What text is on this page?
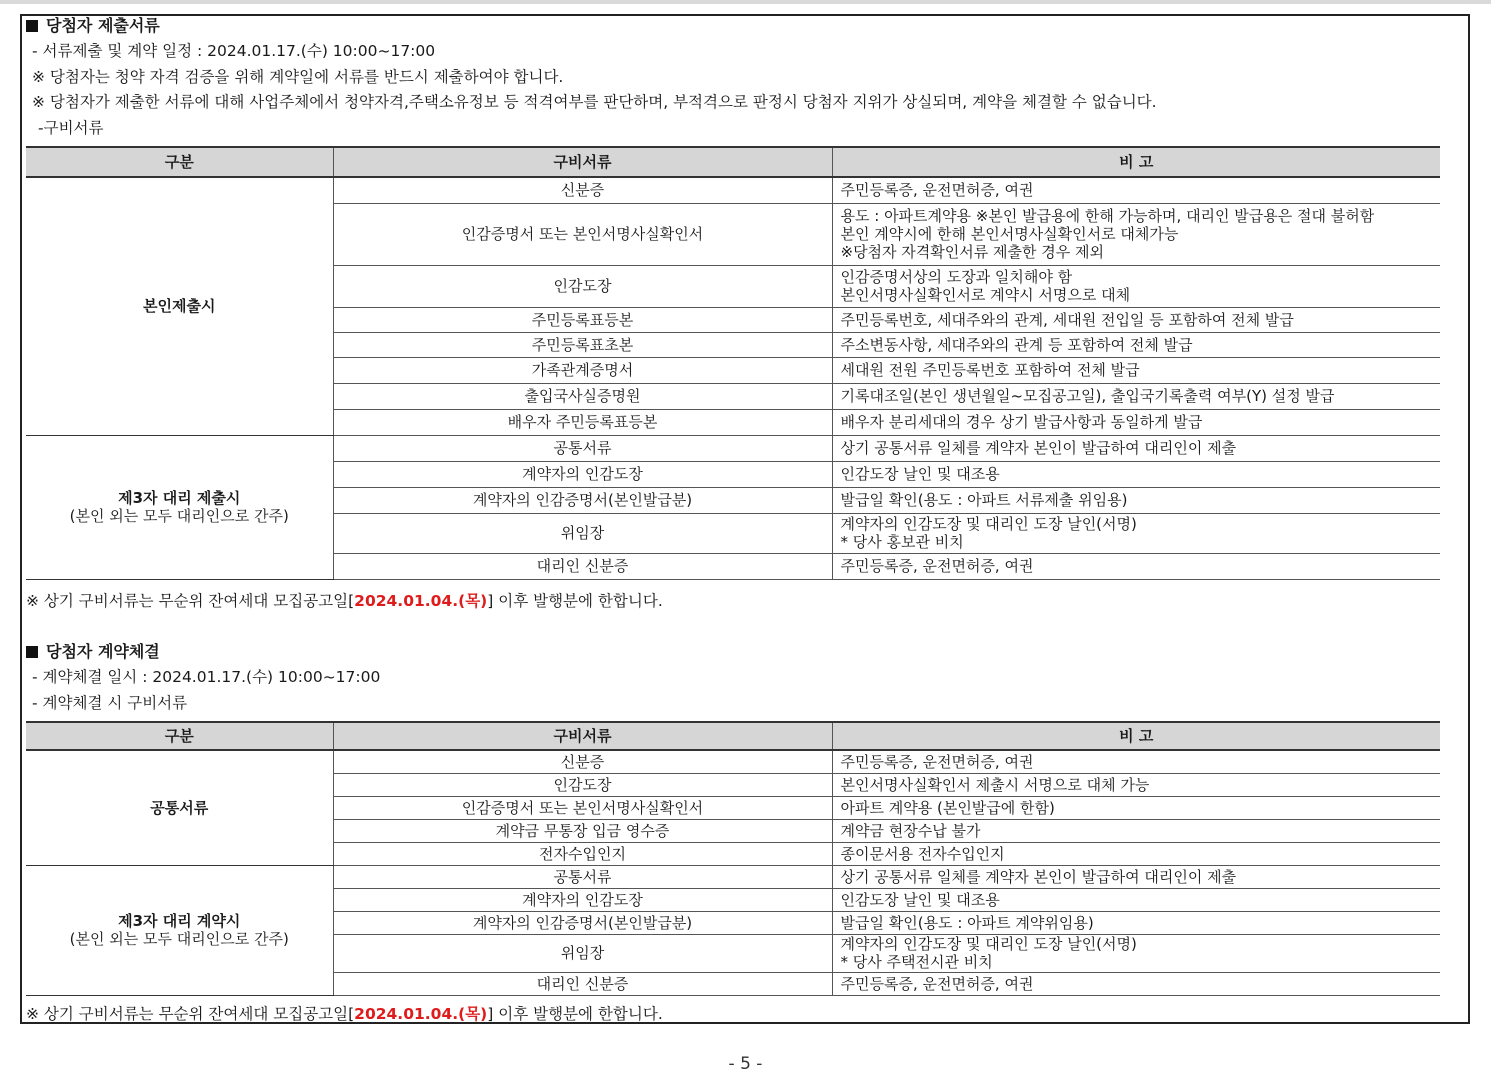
당첨자 제출서류
- 서류제출 및 계약 일정 : 2024.01.17.(수) 10:00~17:00
※ 당첨자는 청약 자격 검증을 위해 계약일에 서류를 반드시 제출하여야 합니다.
※ 당첨자가 제출한 서류에 대해 사업주체에서 청약자격,주택소유정보 등 적격여부를 판단하며, 부적격으로 판정시 당첨자 지위가 상실되며, 계약을 체결할 수 없습니다.
-구비서류
구분	구비서류	비 고
본인제출시	신분증	주민등록증, 운전면허증, 여권

	인감증명서 또는 본인서명사실확인서	용도 : 아파트계약용 ※본인 발급용에 한해 가능하며, 대리인 발급용은 절대 불허함
본인 계약시에 한해 본인서명사실확인서로 대체가능
※당첨자 자격확인서류 제출한 경우 제외

	인감도장	인감증명서상의 도장과 일치해야 함
본인서명사실확인서로 계약시 서명으로 대체

	주민등록표등본	주민등록번호, 세대주와의 관계, 세대원 전입일 등 포함하여 전체 발급

	주민등록표초본	주소변동사항, 세대주와의 관계 등 포함하여 전체 발급

	가족관계증명서	세대원 전원 주민등록번호 포함하여 전체 발급

	출입국사실증명원	기록대조일(본인 생년월일~모집공고일), 출입국기록출력 여부(Y) 설정 발급

	배우자 주민등록표등본	배우자 분리세대의 경우 상기 발급사항과 동일하게 발급

제3자 대리 제출시
(본인 외는 모두 대리인으로 간주)	공통서류	상기 공통서류 일체를 계약자 본인이 발급하여 대리인이 제출

	계약자의 인감도장	인감도장 날인 및 대조용

	계약자의 인감증명서(본인발급분)	발급일 확인(용도 : 아파트 서류제출 위임용)

	위임장	계약자의 인감도장 및 대리인 도장 날인(서명)
* 당사 홍보관 비치

	대리인 신분증	주민등록증, 운전면허증, 여권
※ 상기 구비서류는 무순위 잔여세대 모집공고일[2024.01.04.(목)] 이후 발행분에 한합니다.
당첨자 계약체결
- 계약체결 일시 : 2024.01.17.(수) 10:00~17:00
- 계약체결 시 구비서류
구분	구비서류	비 고
공통서류	신분증	주민등록증, 운전면허증, 여권

	인감도장	본인서명사실확인서 제출시 서명으로 대체 가능

	인감증명서 또는 본인서명사실확인서	아파트 계약용 (본인발급에 한함)

	계약금 무통장 입금 영수증	계약금 현장수납 불가

	전자수입인지	종이문서용 전자수입인지

제3자 대리 계약시
(본인 외는 모두 대리인으로 간주)	공통서류	상기 공통서류 일체를 계약자 본인이 발급하여 대리인이 제출

	계약자의 인감도장	인감도장 날인 및 대조용

	계약자의 인감증명서(본인발급분)	발급일 확인(용도 : 아파트 계약위임용)

	위임장	계약자의 인감도장 및 대리인 도장 날인(서명)
* 당사 주택전시관 비치

	대리인 신분증	주민등록증, 운전면허증, 여권
※ 상기 구비서류는 무순위 잔여세대 모집공고일[2024.01.04.(목)] 이후 발행분에 한합니다.
- 5 -
